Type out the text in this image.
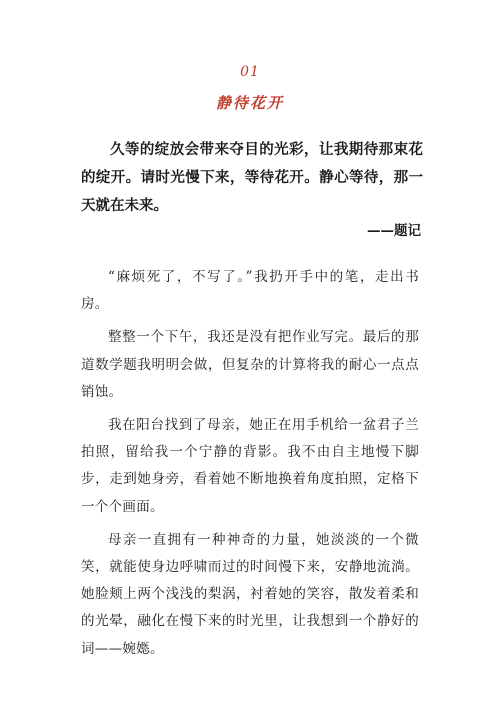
01
静待花开

久等的绽放会带来夺目的光彩，让我期待那束花的绽开。请时光慢下来，等待花开。静心等待，那一天就在未来。

——题记

“麻烦死了，不写了。”我扔开手中的笔，走出书房。

整整一个下午，我还是没有把作业写完。最后的那道数学题我明明会做，但复杂的计算将我的耐心一点点销蚀。

我在阳台找到了母亲，她正在用手机给一盆君子兰拍照，留给我一个宁静的背影。我不由自主地慢下脚步，走到她身旁，看着她不断地换着角度拍照，定格下一个个画面。

母亲一直拥有一种神奇的力量，她淡淡的一个微笑，就能使身边呼啸而过的时间慢下来，安静地流淌。她脸颊上两个浅浅的梨涡，衬着她的笑容，散发着柔和的光晕，融化在慢下来的时光里，让我想到一个静好的词——婉嫕。
